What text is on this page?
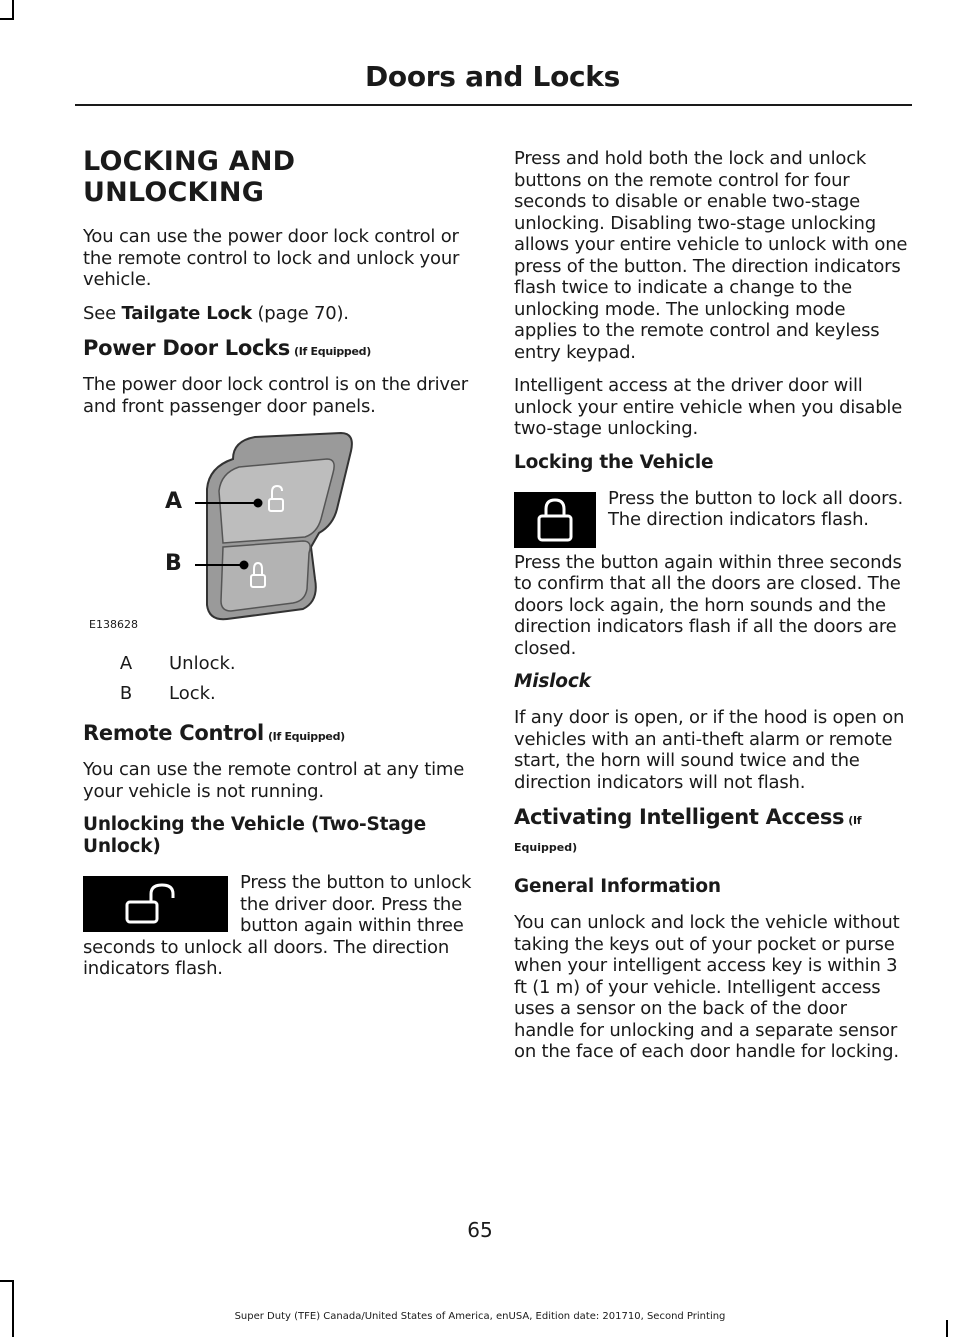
Doors and Locks
LOCKING AND UNLOCKING

You can use the power door lock control or the remote control to lock and unlock your vehicle.

See Tailgate Lock (page 70).

Power Door Locks (If Equipped)

The power door lock control is on the driver and front passenger door panels.

A
B
E138628
A	Unlock.
B	Lock.
Remote Control (If Equipped)

You can use the remote control at any time your vehicle is not running.

Unlocking the Vehicle (Two-Stage Unlock)

Press the button to unlock the driver door. Press the button again within three seconds to unlock all doors. The direction indicators flash.

Press and hold both the lock and unlock buttons on the remote control for four seconds to disable or enable two-stage unlocking. Disabling two-stage unlocking allows your entire vehicle to unlock with one press of the button. The direction indicators flash twice to indicate a change to the unlocking mode. The unlocking mode applies to the remote control and keyless entry keypad.

Intelligent access at the driver door will unlock your entire vehicle when you disable two-stage unlocking.

Locking the Vehicle

Press the button to lock all doors. The direction indicators flash.

Press the button again within three seconds to confirm that all the doors are closed. The doors lock again, the horn sounds and the direction indicators flash if all the doors are closed.

Mislock

If any door is open, or if the hood is open on vehicles with an anti-theft alarm or remote start, the horn will sound twice and the direction indicators will not flash.

Activating Intelligent Access (If
Equipped)
General Information

You can unlock and lock the vehicle without taking the keys out of your pocket or purse when your intelligent access key is within 3 ft (1 m) of your vehicle. Intelligent access uses a sensor on the back of the door handle for unlocking and a separate sensor on the face of each door handle for locking.

65
Super Duty (TFE) Canada/United States of America, enUSA, Edition date: 201710, Second Printing
